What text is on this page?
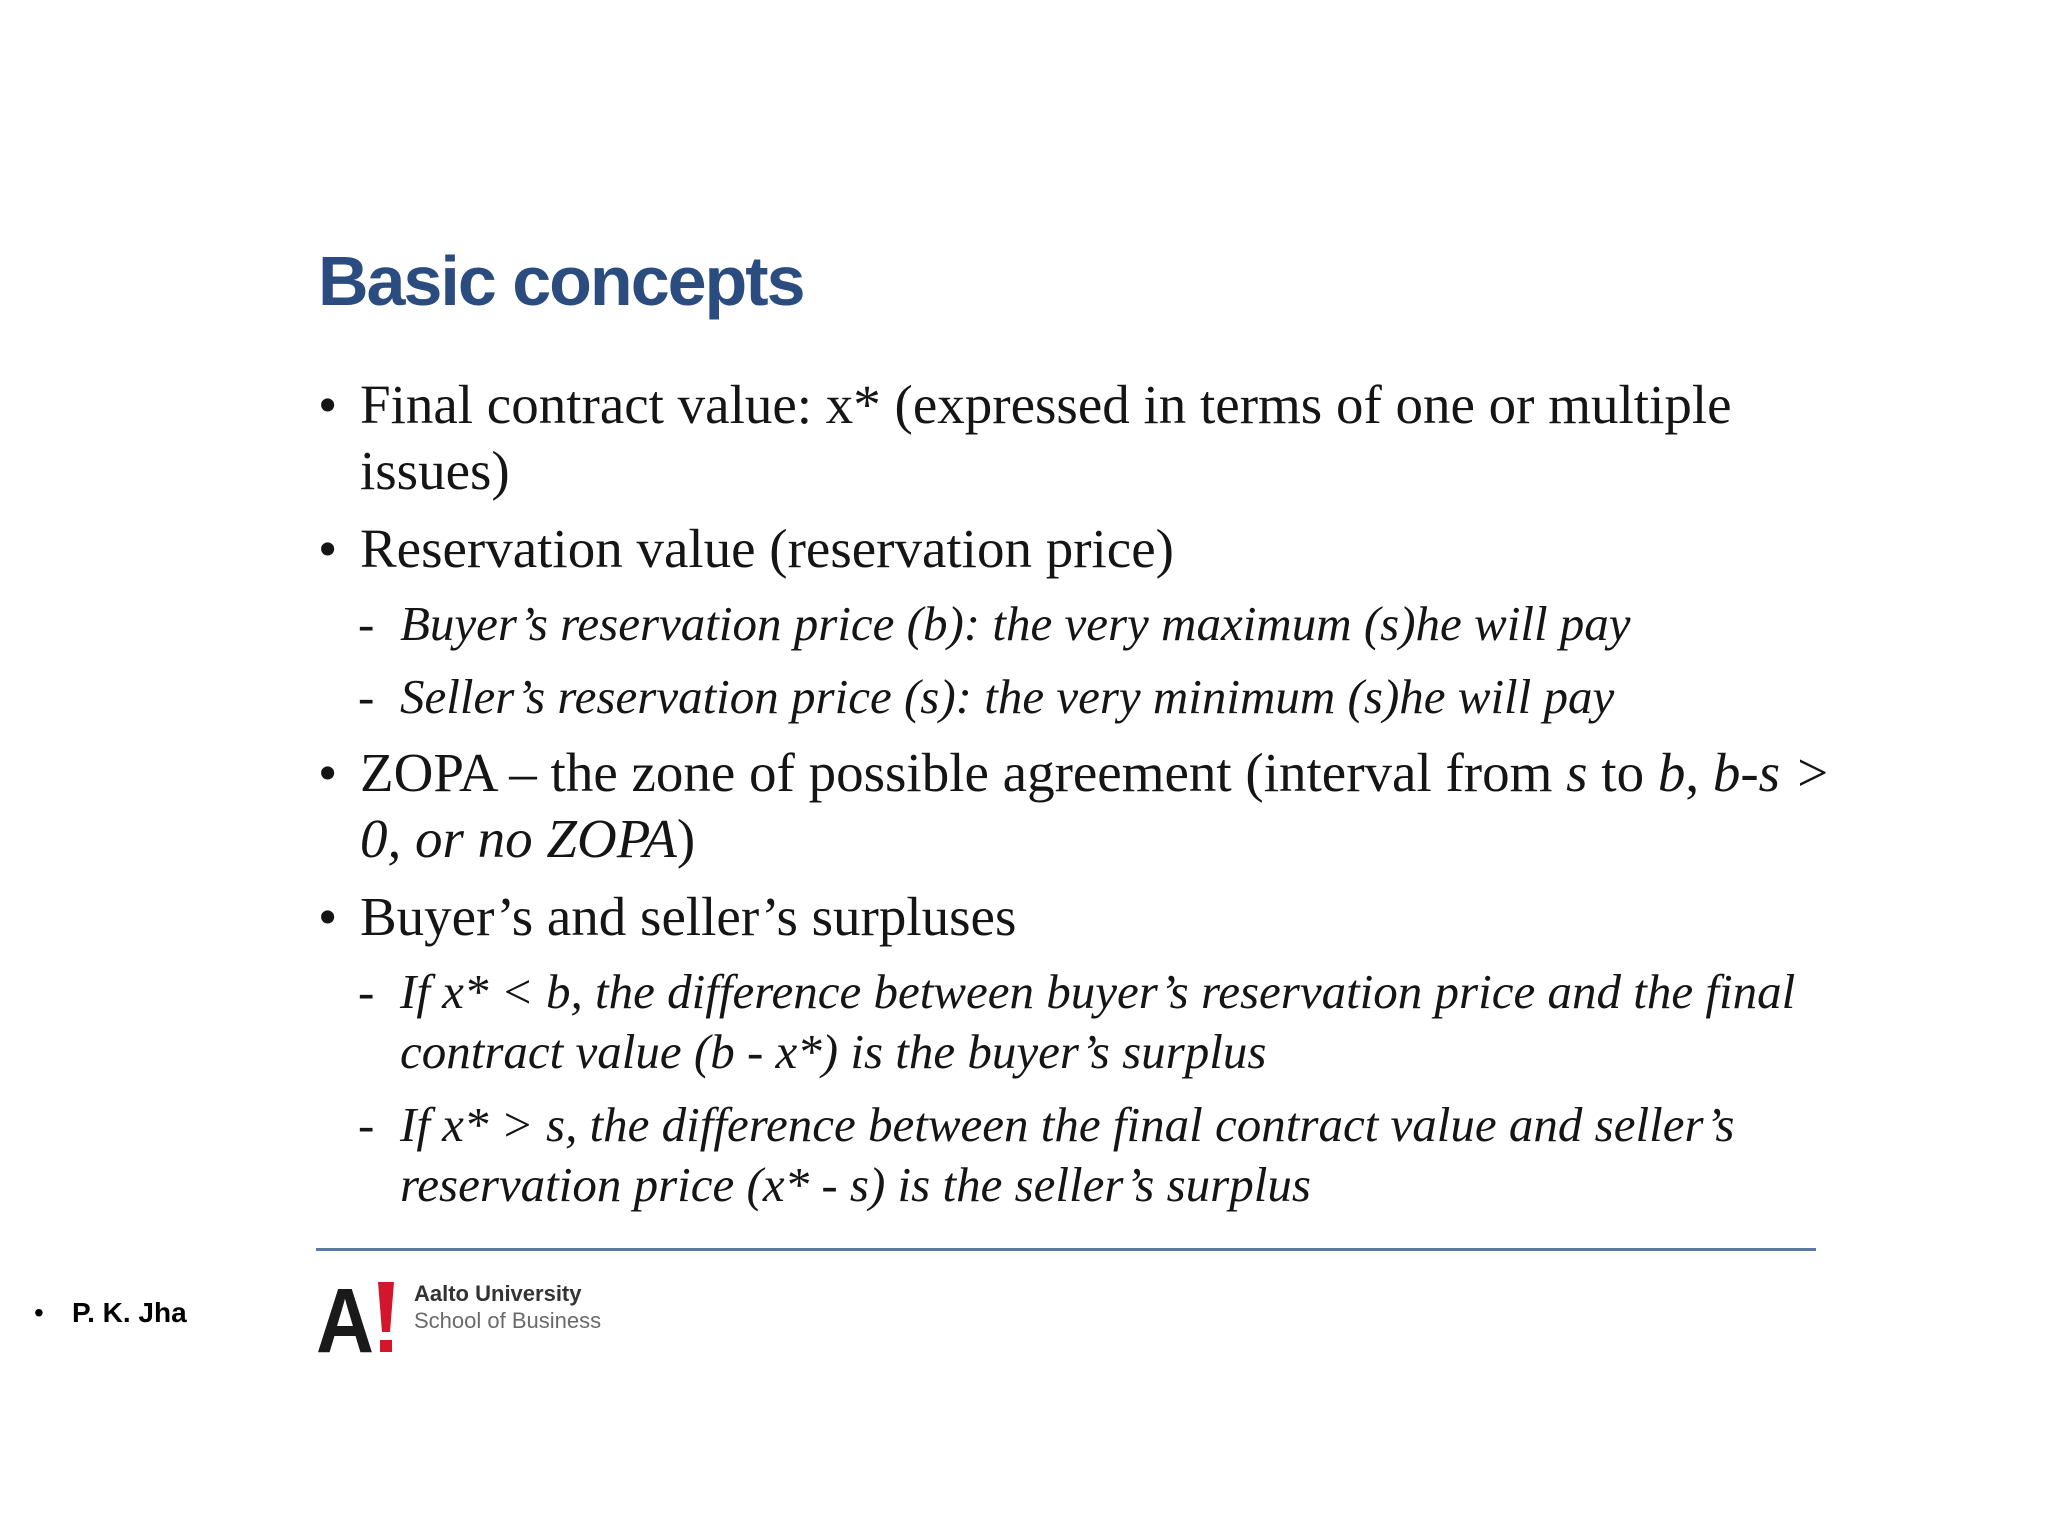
Basic concepts

• Final contract value: x* (expressed in terms of one or multiple issues)

• Reservation value (reservation price)

- Buyer’s reservation price (b): the very maximum (s)he will pay

- Seller’s reservation price (s): the very minimum (s)he will pay

• ZOPA – the zone of possible agreement (interval from s to b, b-s > 0, or no ZOPA)

• Buyer’s and seller’s surpluses

- If x* < b, the difference between buyer’s reservation price and the final contract value (b - x*) is the buyer’s surplus

- If x* > s, the difference between the final contract value and seller’s reservation price (x* - s) is the seller’s surplus

A Aalto University
School of Business
• P. K. Jha
